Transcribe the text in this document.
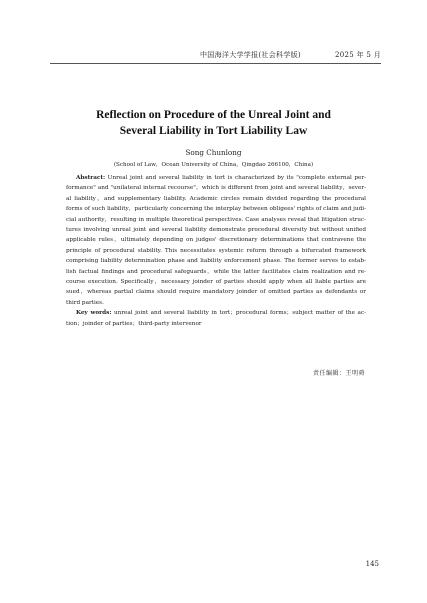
中国海洋大学学报(社会科学版)	2025 年 5 月
Reflection on Procedure of the Unreal Joint and
Several Liability in Tort Liability Law
Song Chunlong
(School of Law，Ocean University of China，Qingdao 266100，China)
Abstract: Unreal joint and several liability in tort is characterized by its "complete external per-
formance" and "unilateral internal recourse"，which is different from joint and several liability，sever-
al liability，and supplementary liability. Academic circles remain divided regarding the procedural
forms of such liability，particularly concerning the interplay between obligees' rights of claim and judi-
cial authority，resulting in multiple theoretical perspectives. Case analyses reveal that litigation struc-
tures involving unreal joint and several liability demonstrate procedural diversity but without unified
applicable rules，ultimately depending on judges' discretionary determinations that contravene the
principle of procedural stability. This necessitates systemic reform through a bifurcated framework
comprising liability determination phase and liability enforcement phase. The former serves to estab-
lish factual findings and procedural safeguards，while the latter facilitates claim realization and re-
course execution. Specifically，necessary joinder of parties should apply when all liable parties are
sued，whereas partial claims should require mandatory joinder of omitted parties as defendants or
third parties.
Key words: unreal joint and several liability in tort；procedural forms；subject matter of the ac-
tion；joinder of parties；third-party intervenor
责任编辑：王明舜
145
